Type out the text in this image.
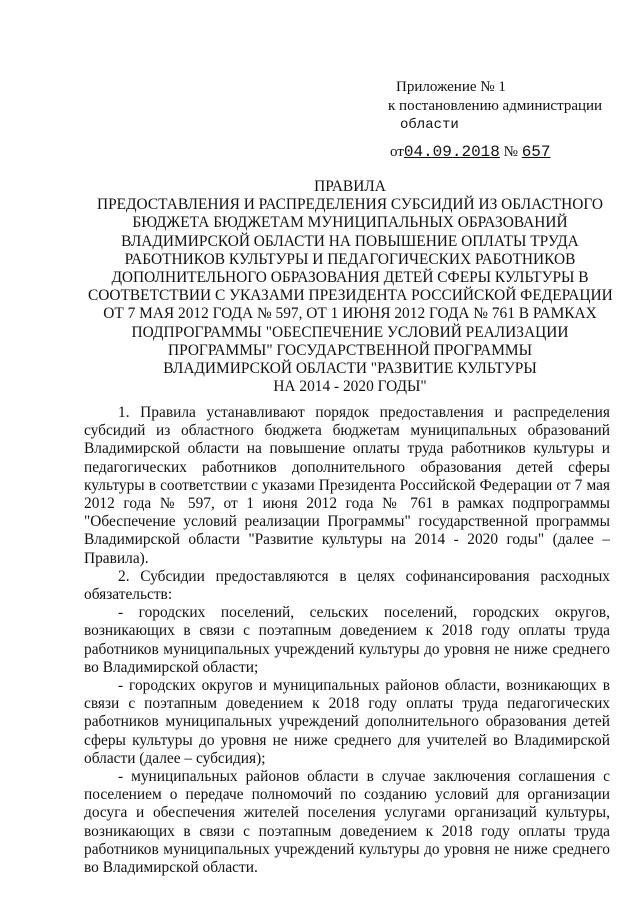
Приложение № 1
к постановлению администрации
области
от04.09.2018 № 657
ПРАВИЛА
ПРЕДОСТАВЛЕНИЯ И РАСПРЕДЕЛЕНИЯ СУБСИДИЙ ИЗ ОБЛАСТНОГО
БЮДЖЕТА БЮДЖЕТАМ МУНИЦИПАЛЬНЫХ ОБРАЗОВАНИЙ
ВЛАДИМИРСКОЙ ОБЛАСТИ НА ПОВЫШЕНИЕ ОПЛАТЫ ТРУДА
РАБОТНИКОВ КУЛЬТУРЫ И ПЕДАГОГИЧЕСКИХ РАБОТНИКОВ
ДОПОЛНИТЕЛЬНОГО ОБРАЗОВАНИЯ ДЕТЕЙ СФЕРЫ КУЛЬТУРЫ В
СООТВЕТСТВИИ С УКАЗАМИ ПРЕЗИДЕНТА РОССИЙСКОЙ ФЕДЕРАЦИИ
ОТ 7 МАЯ 2012 ГОДА № 597, ОТ 1 ИЮНЯ 2012 ГОДА № 761 В РАМКАХ
ПОДПРОГРАММЫ "ОБЕСПЕЧЕНИЕ УСЛОВИЙ РЕАЛИЗАЦИИ
ПРОГРАММЫ" ГОСУДАРСТВЕННОЙ ПРОГРАММЫ
ВЛАДИМИРСКОЙ ОБЛАСТИ "РАЗВИТИЕ КУЛЬТУРЫ
НА 2014 - 2020 ГОДЫ"

1. Правила устанавливают порядок предоставления и распределения субсидий из областного бюджета бюджетам муниципальных образований Владимирской области на повышение оплаты труда работников культуры и педагогических работников дополнительного образования детей сферы культуры в соответствии с указами Президента Российской Федерации от 7 мая 2012 года № 597, от 1 июня 2012 года № 761 в рамках подпрограммы "Обеспечение условий реализации Программы" государственной программы Владимирской области "Развитие культуры на 2014 - 2020 годы" (далее – Правила).

2. Субсидии предоставляются в целях софинансирования расходных обязательств:

- городских поселений, сельских поселений, городских округов, возникающих в связи с поэтапным доведением к 2018 году оплаты труда работников муниципальных учреждений культуры до уровня не ниже среднего во Владимирской области;

- городских округов и муниципальных районов области, возникающих в связи с поэтапным доведением к 2018 году оплаты труда педагогических работников муниципальных учреждений дополнительного образования детей сферы культуры до уровня не ниже среднего для учителей во Владимирской области (далее – субсидия);

- муниципальных районов области в случае заключения соглашения с поселением о передаче полномочий по созданию условий для организации досуга и обеспечения жителей поселения услугами организаций культуры, возникающих в связи с поэтапным доведением к 2018 году оплаты труда работников муниципальных учреждений культуры до уровня не ниже среднего во Владимирской области.
